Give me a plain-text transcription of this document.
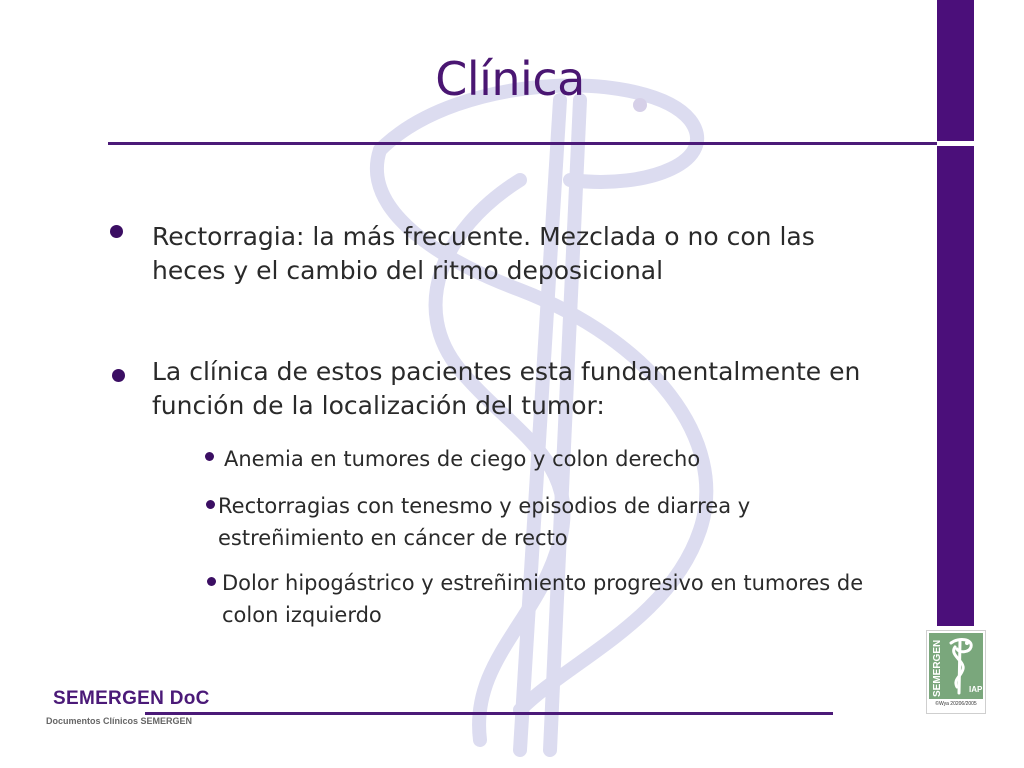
Clínica
Rectorragia: la más frecuente. Mezclada o no con las heces y el cambio del ritmo deposicional
La clínica de estos pacientes esta fundamentalmente en función de la localización del tumor:
Anemia en tumores de ciego y colon derecho
Rectorragias con tenesmo y episodios de diarrea y estreñimiento en cáncer de recto
Dolor hipogástrico y estreñimiento progresivo en tumores de colon izquierdo
SEMERGEN DoC
Documentos Clínicos SEMERGEN
SEMERGEN	IAP
©Wya 20206/2005
